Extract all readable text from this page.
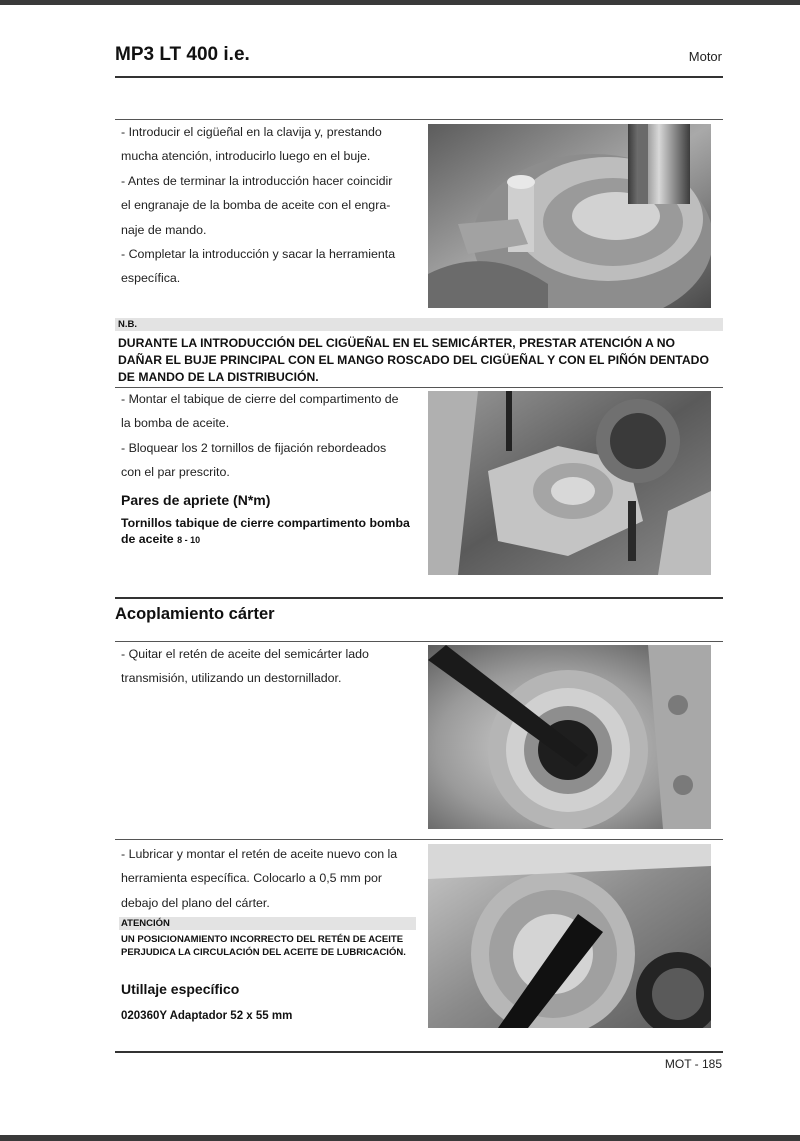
MP3 LT 400 i.e.	Motor
- Introducir el cigüeñal en la clavija y, prestando
mucha atención, introducirlo luego en el buje.
- Antes de terminar la introducción hacer coincidir
el engranaje de la bomba de aceite con el engra-
naje de mando.
- Completar la introducción y sacar la herramienta
específica.
N.B.
DURANTE LA INTRODUCCIÓN DEL CIGÜEÑAL EN EL SEMICÁRTER, PRESTAR ATENCIÓN A NO DAÑAR EL BUJE PRINCIPAL CON EL MANGO ROSCADO DEL CIGÜEÑAL Y CON EL PIÑÓN DENTADO DE MANDO DE LA DISTRIBUCIÓN.
- Montar el tabique de cierre del compartimento de
la bomba de aceite.
- Bloquear los 2 tornillos de fijación rebordeados
con el par prescrito.
Pares de apriete (N*m)
Tornillos tabique de cierre compartimento bomba de aceite 8 - 10
Acoplamiento cárter
- Quitar el retén de aceite del semicárter lado
transmisión, utilizando un destornillador.
- Lubricar y montar el retén de aceite nuevo con la
herramienta específica. Colocarlo a 0,5 mm por
debajo del plano del cárter.
ATENCIÓN
UN POSICIONAMIENTO INCORRECTO DEL RETÉN DE ACEITE PERJUDICA LA CIRCULACIÓN DEL ACEITE DE LUBRICACIÓN.
Utillaje específico
020360Y Adaptador 52 x 55 mm
MOT - 185
